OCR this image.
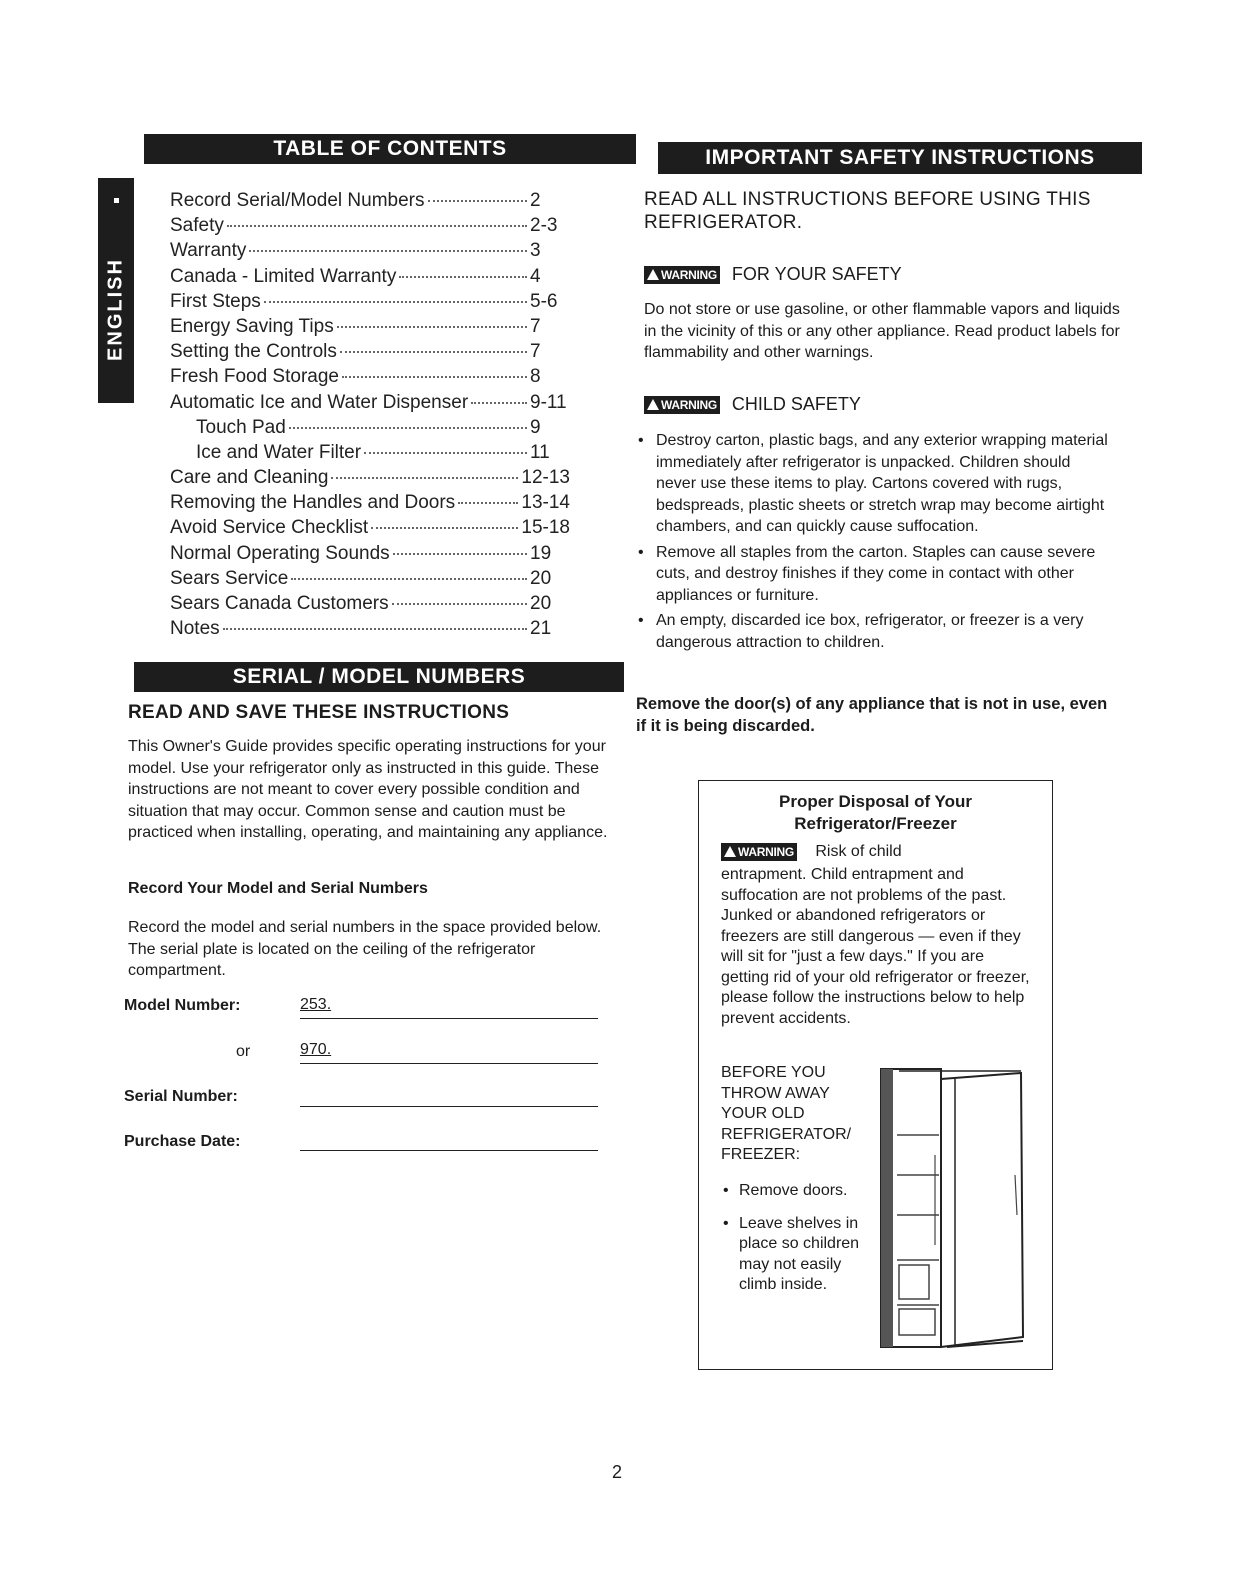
ENGLISH
TABLE OF CONTENTS
Record Serial/Model Numbers	2
Safety	2-3
Warranty	3
Canada - Limited Warranty	4
First Steps	5-6
Energy Saving Tips	7
Setting the Controls	7
Fresh Food Storage	8
Automatic Ice and Water Dispenser	9-11
Touch Pad	9
Ice and Water Filter	11
Care and Cleaning	12-13
Removing the Handles and Doors	13-14
Avoid Service Checklist	15-18
Normal Operating Sounds	19
Sears Service	20
Sears Canada Customers	20
Notes	21
SERIAL / MODEL NUMBERS
READ AND SAVE THESE INSTRUCTIONS
This Owner's Guide provides specific operating instructions for your model. Use your refrigerator only as instructed in this guide. These instructions are not meant to cover every possible condition and situation that may occur. Common sense and caution must be practiced when installing, operating, and maintaining any appliance.
Record Your Model and Serial Numbers
Record the model and serial numbers in the space provided below. The serial plate is located on the ceiling of the refrigerator compartment.
Model Number:	253.
or	970.
Serial Number:
Purchase Date:
IMPORTANT SAFETY INSTRUCTIONS
READ ALL INSTRUCTIONS BEFORE USING THIS REFRIGERATOR.
WARNING FOR YOUR SAFETY
Do not store or use gasoline, or other flammable vapors and liquids in the vicinity of this or any other appliance. Read product labels for flammability and other warnings.
WARNING CHILD SAFETY
• Destroy carton, plastic bags, and any exterior wrapping material immediately after refrigerator is unpacked. Children should never use these items to play. Cartons covered with rugs, bedspreads, plastic sheets or stretch wrap may become airtight chambers, and can quickly cause suffocation.
• Remove all staples from the carton. Staples can cause severe cuts, and destroy finishes if they come in contact with other appliances or furniture.
• An empty, discarded ice box, refrigerator, or freezer is a very dangerous attraction to children.
Remove the door(s) of any appliance that is not in use, even if it is being discarded.
Proper Disposal of Your
Refrigerator/Freezer
WARNING Risk of child
entrapment. Child entrapment and suffocation are not problems of the past. Junked or abandoned refrigerators or freezers are still dangerous — even if they will sit for "just a few days." If you are getting rid of your old refrigerator or freezer, please follow the instructions below to help prevent accidents.
BEFORE YOU THROW AWAY YOUR OLD REFRIGERATOR/ FREEZER:
• Remove doors.
• Leave shelves in place so children may not easily climb inside.
2
